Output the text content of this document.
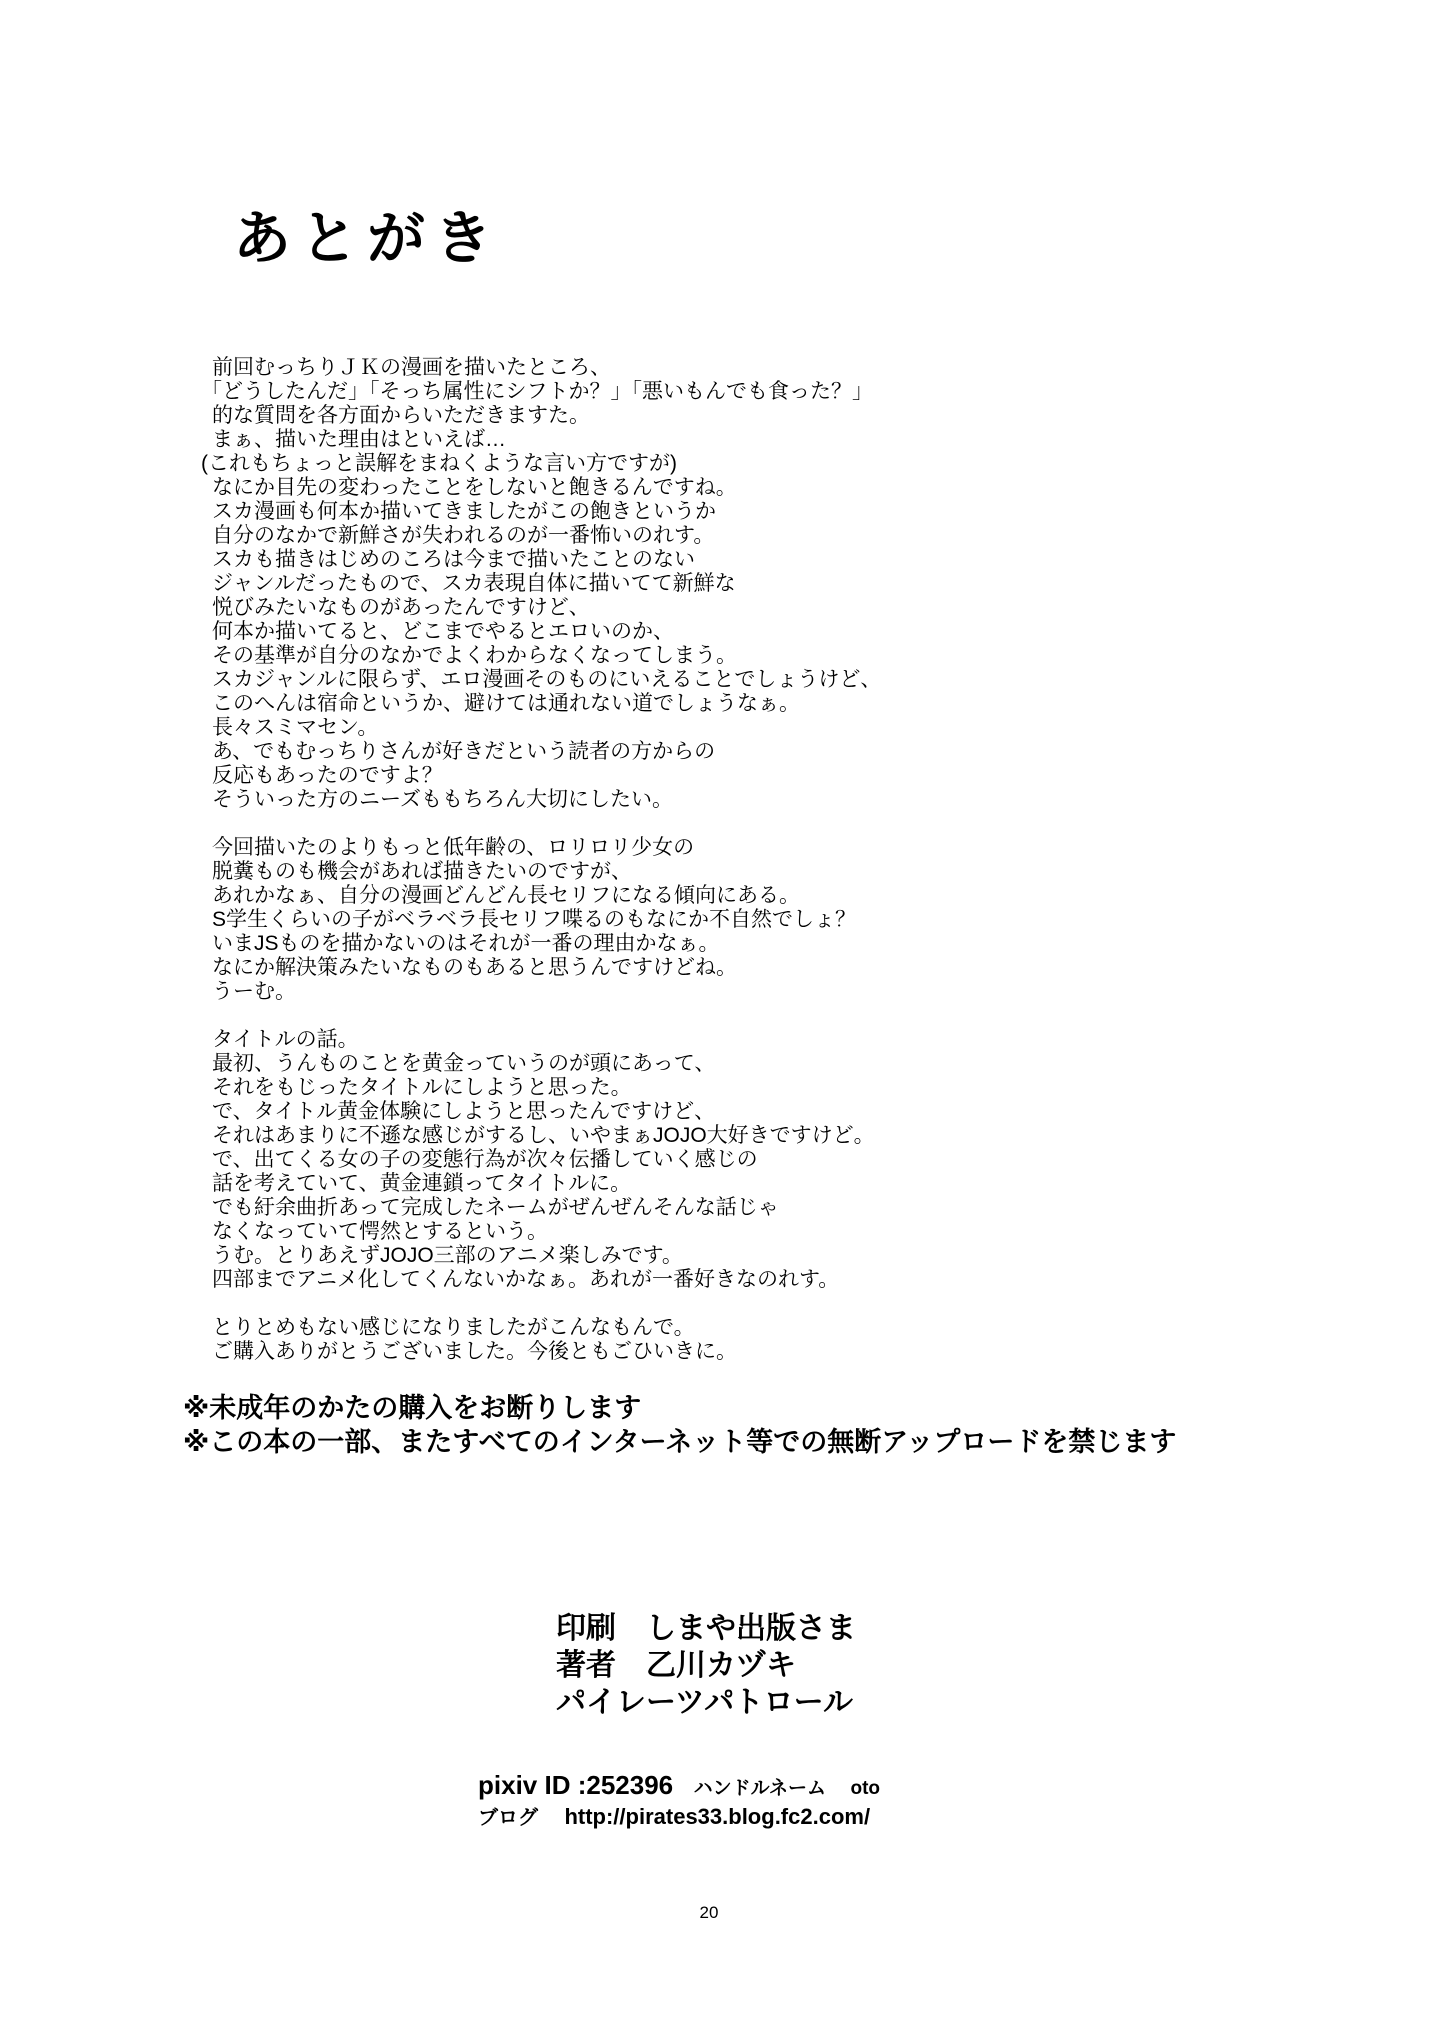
あとがき
前回むっちりＪＫの漫画を描いたところ、
「どうしたんだ」「そっち属性にシフトか？」「悪いもんでも食った？」
的な質問を各方面からいただきますた。
まぁ、描いた理由はといえば…
(これもちょっと誤解をまねくような言い方ですが)
なにか目先の変わったことをしないと飽きるんですね。
スカ漫画も何本か描いてきましたがこの飽きというか
自分のなかで新鮮さが失われるのが一番怖いのれす。
スカも描きはじめのころは今まで描いたことのない
ジャンルだったもので、スカ表現自体に描いてて新鮮な
悦びみたいなものがあったんですけど、
何本か描いてると、どこまでやるとエロいのか、
その基準が自分のなかでよくわからなくなってしまう。
スカジャンルに限らず、エロ漫画そのものにいえることでしょうけど、
このへんは宿命というか、避けては通れない道でしょうなぁ。
長々スミマセン。
あ、でもむっちりさんが好きだという読者の方からの
反応もあったのですよ？
そういった方のニーズももちろん大切にしたい。
今回描いたのよりもっと低年齢の、ロリロリ少女の
脱糞ものも機会があれば描きたいのですが、
あれかなぁ、自分の漫画どんどん長セリフになる傾向にある。
S学生くらいの子がベラベラ長セリフ喋るのもなにか不自然でしょ？
いまJSものを描かないのはそれが一番の理由かなぁ。
なにか解決策みたいなものもあると思うんですけどね。
うーむ。
タイトルの話。
最初、うんものことを黄金っていうのが頭にあって、
それをもじったタイトルにしようと思った。
で、タイトル黄金体験にしようと思ったんですけど、
それはあまりに不遜な感じがするし、いやまぁJOJO大好きですけど。
で、出てくる女の子の変態行為が次々伝播していく感じの
話を考えていて、黄金連鎖ってタイトルに。
でも紆余曲折あって完成したネームがぜんぜんそんな話じゃ
なくなっていて愕然とするという。
うむ。とりあえずJOJO三部のアニメ楽しみです。
四部までアニメ化してくんないかなぁ。あれが一番好きなのれす。
とりとめもない感じになりましたがこんなもんで。
ご購入ありがとうございました。今後ともごひいきに。
※未成年のかたの購入をお断りします
※この本の一部、またすべてのインターネット等での無断アップロードを禁じます
印刷　しまや出版さま
著者　乙川カヅキ
パイレーツパトロール
pixiv ID :252396 ハンドルネーム oto
ブログ http://pirates33.blog.fc2.com/
20
